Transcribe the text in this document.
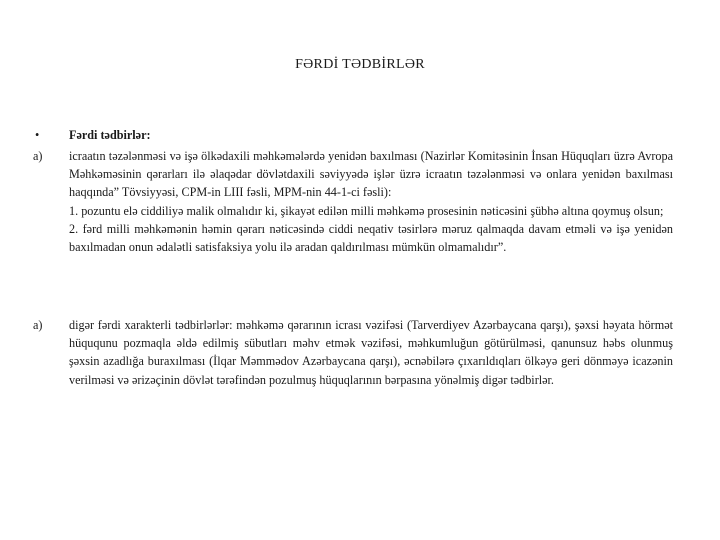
FƏRDİ TƏDBİRLƏR
•	Fərdi tədbirlər:
a)	icraatın təzələnməsi və işə ölkədaxili məhkəmələrdə yenidən baxılması (Nazirlər Komitəsinin İnsan Hüquqları üzrə Avropa Məhkəməsinin qərarları ilə əlaqədar dövlətdaxili səviyyədə işlər üzrə icraatın təzələnməsi və onlara yenidən baxılması haqqında” Tövsiyyəsi, CPM-in LIII fəsli, MPM-nin 44-1-ci fəsli):
1. pozuntu elə ciddiliyə malik olmalıdır ki, şikayət edilən milli məhkəmə prosesinin nəticəsini şübhə altına qoymuş olsun;
2. fərd milli məhkəmənin həmin qərarı nəticəsində ciddi neqativ təsirlərə məruz qalmaqda davam etməli və işə yenidən baxılmadan onun ədalətli satisfaksiya yolu ilə aradan qaldırılması mümkün olmamalıdır”.
a)	digər fərdi xarakterli tədbirlərlər: məhkəmə qərarının icrası vəzifəsi (Tarverdiyev Azərbaycana qarşı), şəxsi həyata hörmət hüququnu pozmaqla əldə edilmiş sübutları məhv etmək vəzifəsi, məhkumluğun götürülməsi, qanunsuz həbs olunmuş şəxsin azadlığa buraxılması (İlqar Məmmədov Azərbaycana qarşı), əcnəbilərə çıxarıldıqları ölkəyə geri dönməyə icazənin verilməsi və ərizəçinin dövlət tərəfindən pozulmuş hüquqlarının bərpasına yönəlmiş digər tədbirlər.
